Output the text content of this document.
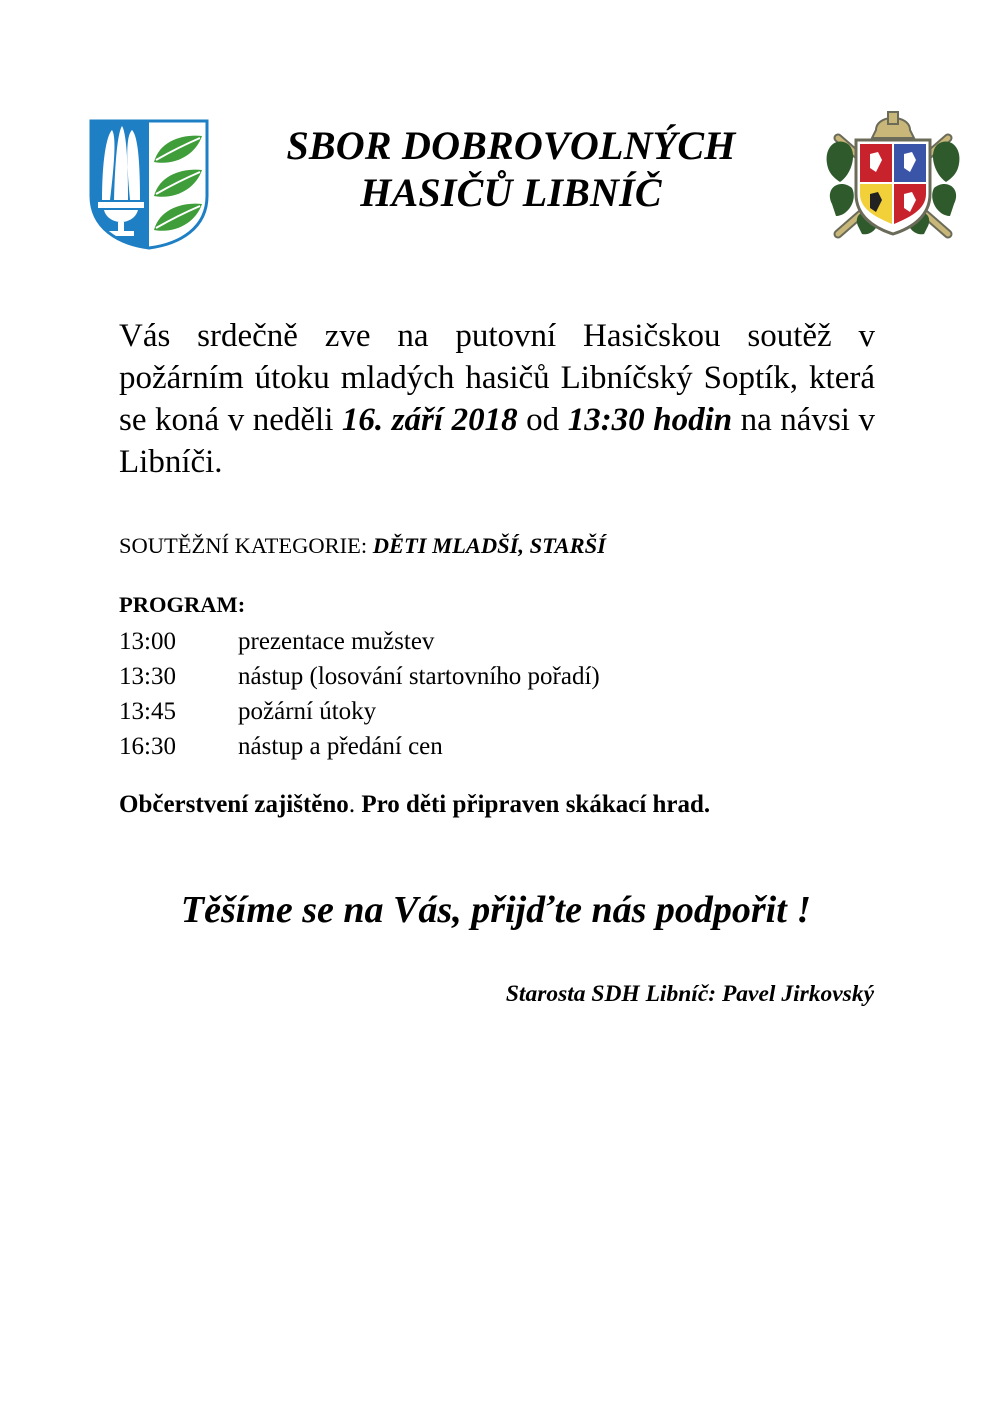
SBOR DOBROVOLNÝCH
HASIČŮ LIBNÍČ

Vás srdečně zve na putovní Hasičskou soutěž v požárním útoku mladých hasičů Libníčský Soptík, která se koná v neděli 16. září 2018 od 13:30 hodin na návsi v Libníči.

SOUTĚŽNÍ KATEGORIE: DĚTI MLADŠÍ, STARŠÍ

PROGRAM:

13:00	prezentace mužstev
13:30	nástup (losování startovního pořadí)
13:45	požární útoky
16:30	nástup a předání cen

Občerstvení zajištěno. Pro děti připraven skákací hrad.

Těšíme se na Vás, přijďte nás podpořit !

Starosta SDH Libníč: Pavel Jirkovský
